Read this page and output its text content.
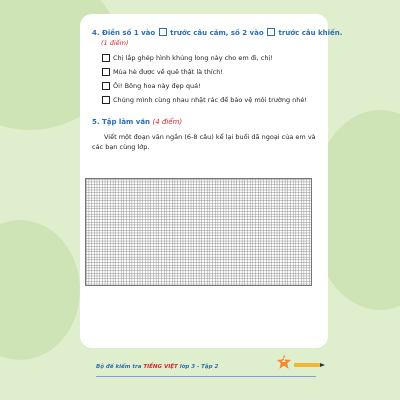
4. Điền số 1 vào trước câu cảm, số 2 vào trước câu khiến.
(1 điểm)
Chị lắp ghép hình khủng long này cho em đi, chị!
Mùa hè được về quê thật là thích!
Ôi! Bông hoa này đẹp quá!
Chúng mình cùng nhau nhặt rác để bảo vệ môi trường nhé!
5. Tập làm văn (4 điểm)

Viết một đoạn văn ngắn (6-8 câu) kể lại buổi dã ngoại của em và các bạn cùng lớp.

Bộ đề kiểm tra TIẾNG VIỆT lớp 3 - Tập 2
2
